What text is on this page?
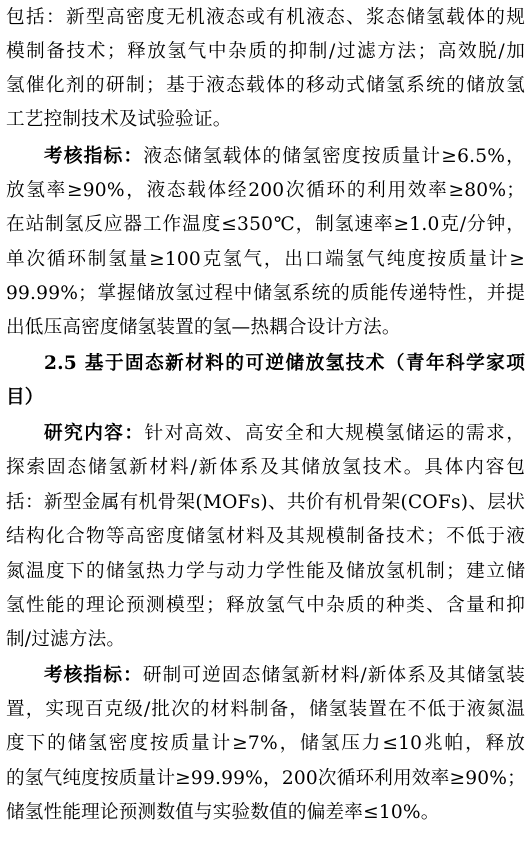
包括：新型高密度无机液态或有机液态、浆态储氢载体的规
模制备技术；释放氢气中杂质的抑制/过滤方法；高效脱/加
氢催化剂的研制；基于液态载体的移动式储氢系统的储放氢
工艺控制技术及试验验证。
考核指标：液态储氢载体的储氢密度按质量计≥6.5%，
放氢率≥90%，液态载体经200次循环的利用效率≥80%；
在站制氢反应器工作温度≤350℃，制氢速率≥1.0克/分钟，
单次循环制氢量≥100克氢气，出口端氢气纯度按质量计≥
99.99%；掌握储放氢过程中储氢系统的质能传递特性，并提
出低压高密度储氢装置的氢—热耦合设计方法。
2.5 基于固态新材料的可逆储放氢技术（青年科学家项
目）
研究内容：针对高效、高安全和大规模氢储运的需求，
探索固态储氢新材料/新体系及其储放氢技术。具体内容包
括：新型金属有机骨架(MOFs)、共价有机骨架(COFs)、层状
结构化合物等高密度储氢材料及其规模制备技术；不低于液
氮温度下的储氢热力学与动力学性能及储放氢机制；建立储
氢性能的理论预测模型；释放氢气中杂质的种类、含量和抑
制/过滤方法。
考核指标：研制可逆固态储氢新材料/新体系及其储氢装
置，实现百克级/批次的材料制备，储氢装置在不低于液氮温
度下的储氢密度按质量计≥7%，储氢压力≤10兆帕，释放
的氢气纯度按质量计≥99.99%，200次循环利用效率≥90%；
储氢性能理论预测数值与实验数值的偏差率≤10%。
